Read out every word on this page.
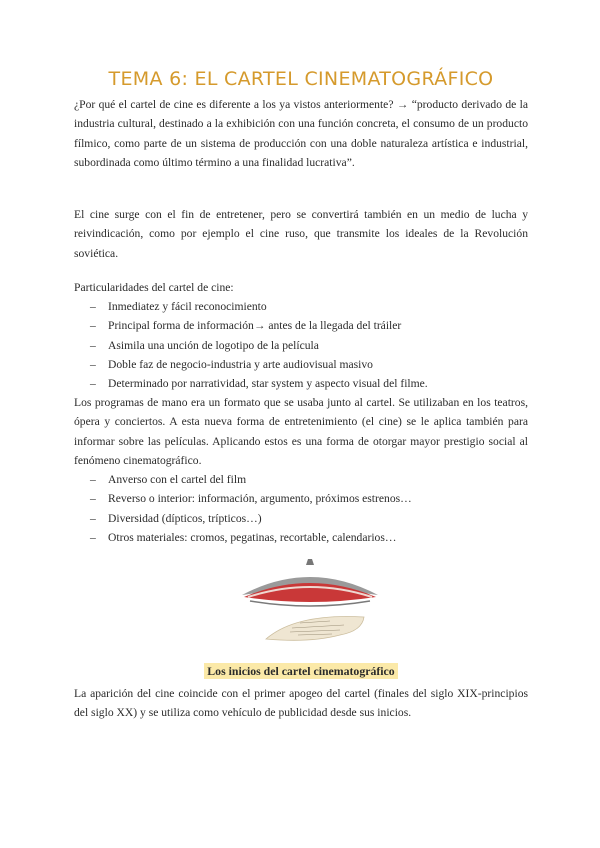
TEMA 6: EL CARTEL CINEMATOGRÁFICO
¿Por qué el cartel de cine es diferente a los ya vistos anteriormente? → “producto derivado de la industria cultural, destinado a la exhibición con una función concreta, el consumo de un producto fílmico, como parte de un sistema de producción con una doble naturaleza artística e industrial, subordinada como último término a una finalidad lucrativa”.
El cine surge con el fin de entretener, pero se convertirá también en un medio de lucha y reivindicación, como por ejemplo el cine ruso, que transmite los ideales de la Revolución soviética.
Particularidades del cartel de cine:
– Inmediatez y fácil reconocimiento
– Principal forma de información→ antes de la llegada del tráiler
– Asimila una unción de logotipo de la película
– Doble faz de negocio-industria y arte audiovisual masivo
– Determinado por narratividad, star system y aspecto visual del filme.
Los programas de mano era un formato que se usaba junto al cartel. Se utilizaban en los teatros, ópera y conciertos. A esta nueva forma de entretenimiento (el cine) se le aplica también para informar sobre las películas. Aplicando estos es una forma de otorgar mayor prestigio social al fenómeno cinematográfico.
– Anverso con el cartel del film
– Reverso o interior: información, argumento, próximos estrenos…
– Diversidad (dípticos, trípticos…)
– Otros materiales: cromos, pegatinas, recortable, calendarios…
Los inicios del cartel cinematográfico
La aparición del cine coincide con el primer apogeo del cartel (finales del siglo XIX-principios del siglo XX) y se utiliza como vehículo de publicidad desde sus inicios.
